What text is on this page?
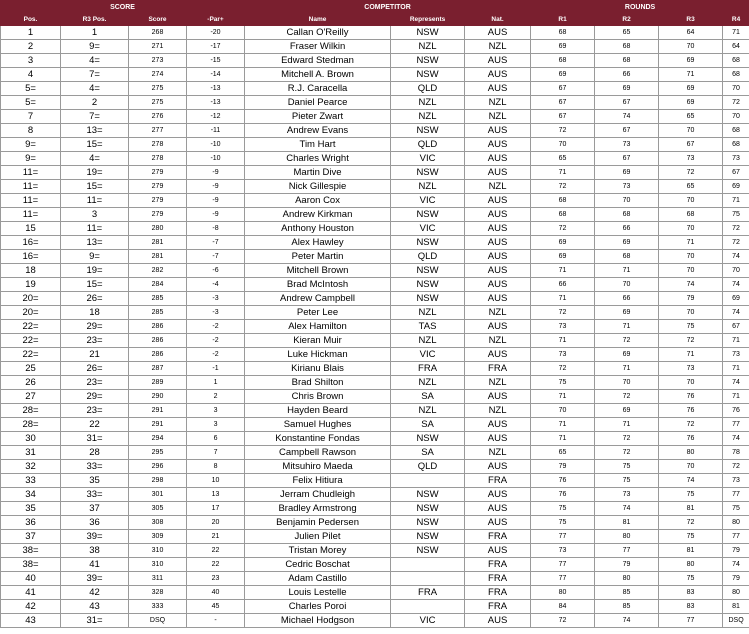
SCORE				COMPETITOR			ROUNDS			
Pos.	R3 Pos.	Score	-Par+	Name	Represents	Nat.	R1	R2	R3	R4
1	1	268	-20	Callan O'Reilly	NSW	AUS	68	65	64	71
2	9=	271	-17	Fraser Wilkin	NZL	NZL	69	68	70	64
3	4=	273	-15	Edward Stedman	NSW	AUS	68	68	69	68
4	7=	274	-14	Mitchell A. Brown	NSW	AUS	69	66	71	68
5=	4=	275	-13	R.J. Caracella	QLD	AUS	67	69	69	70
5=	2	275	-13	Daniel Pearce	NZL	NZL	67	67	69	72
7	7=	276	-12	Pieter Zwart	NZL	NZL	67	74	65	70
8	13=	277	-11	Andrew Evans	NSW	AUS	72	67	70	68
9=	15=	278	-10	Tim Hart	QLD	AUS	70	73	67	68
9=	4=	278	-10	Charles Wright	VIC	AUS	65	67	73	73
11=	19=	279	-9	Martin Dive	NSW	AUS	71	69	72	67
11=	15=	279	-9	Nick Gillespie	NZL	NZL	72	73	65	69
11=	11=	279	-9	Aaron Cox	VIC	AUS	68	70	70	71
11=	3	279	-9	Andrew Kirkman	NSW	AUS	68	68	68	75
15	11=	280	-8	Anthony Houston	VIC	AUS	72	66	70	72
16=	13=	281	-7	Alex Hawley	NSW	AUS	69	69	71	72
16=	9=	281	-7	Peter Martin	QLD	AUS	69	68	70	74
18	19=	282	-6	Mitchell Brown	NSW	AUS	71	71	70	70
19	15=	284	-4	Brad McIntosh	NSW	AUS	66	70	74	74
20=	26=	285	-3	Andrew Campbell	NSW	AUS	71	66	79	69
20=	18	285	-3	Peter Lee	NZL	NZL	72	69	70	74
22=	29=	286	-2	Alex Hamilton	TAS	AUS	73	71	75	67
22=	23=	286	-2	Kieran Muir	NZL	NZL	71	72	72	71
22=	21	286	-2	Luke Hickman	VIC	AUS	73	69	71	73
25	26=	287	-1	Kirianu Blais	FRA	FRA	72	71	73	71
26	23=	289	1	Brad Shilton	NZL	NZL	75	70	70	74
27	29=	290	2	Chris Brown	SA	AUS	71	72	76	71
28=	23=	291	3	Hayden Beard	NZL	NZL	70	69	76	76
28=	22	291	3	Samuel Hughes	SA	AUS	71	71	72	77
30	31=	294	6	Konstantine Fondas	NSW	AUS	71	72	76	74
31	28	295	7	Campbell Rawson	SA	NZL	65	72	80	78
32	33=	296	8	Mitsuhiro Maeda	QLD	AUS	79	75	70	72
33	35	298	10	Felix Hitiura		FRA	76	75	74	73
34	33=	301	13	Jerram Chudleigh	NSW	AUS	76	73	75	77
35	37	305	17	Bradley Armstrong	NSW	AUS	75	74	81	75
36	36	308	20	Benjamin Pedersen	NSW	AUS	75	81	72	80
37	39=	309	21	Julien Pilet	NSW	FRA	77	80	75	77
38=	38	310	22	Tristan Morey	NSW	AUS	73	77	81	79
38=	41	310	22	Cedric Boschat		FRA	77	79	80	74
40	39=	311	23	Adam Castillo		FRA	77	80	75	79
41	42	328	40	Louis Lestelle	FRA	FRA	80	85	83	80
42	43	333	45	Charles Poroi		FRA	84	85	83	81
43	31=	DSQ	-	Michael Hodgson	VIC	AUS	72	74	77	DSQ
